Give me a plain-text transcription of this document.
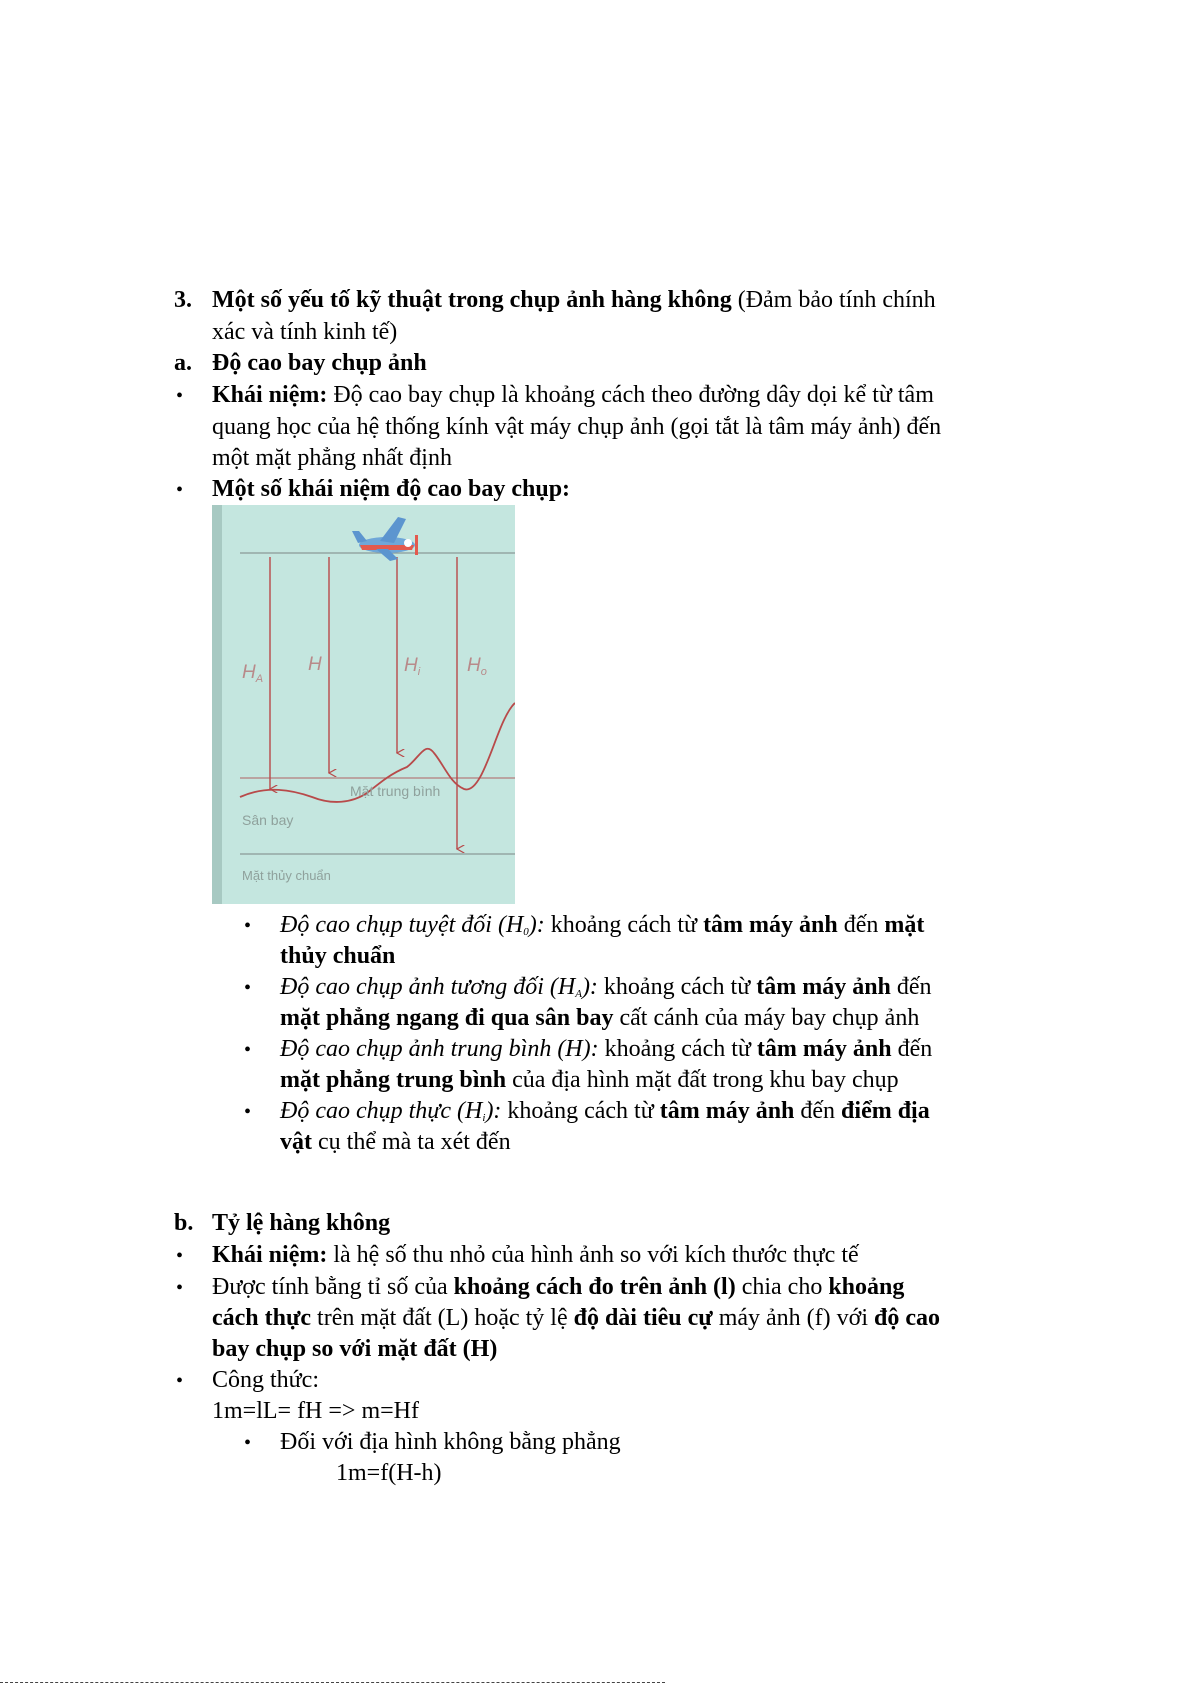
3. Một số yếu tố kỹ thuật trong chụp ảnh hàng không (Đảm bảo tính chính
xác và tính kinh tế)
a. Độ cao bay chụp ảnh
• Khái niệm: Độ cao bay chụp là khoảng cách theo đường dây dọi kể từ tâm
quang học của hệ thống kính vật máy chụp ảnh (gọi tắt là tâm máy ảnh) đến
một mặt phẳng nhất định
• Một số khái niệm độ cao bay chụp:
$H_A$
H	$H_i$ $H_o$
Mặt trung bình
Sân bay
Mặt thủy chuẩn
• Độ cao chụp tuyệt đối $(H_0)$: khoảng cách từ tâm máy ảnh đến mặt
thủy chuẩn
• Độ cao chụp ảnh tương đối $(H_A)$: khoảng cách từ tâm máy ảnh đến
mặt phẳng ngang đi qua sân bay cất cánh của máy bay chụp ảnh
• Độ cao chụp ảnh trung bình (H): khoảng cách từ tâm máy ảnh đến
mặt phẳng trung bình của địa hình mặt đất trong khu bay chụp
• Độ cao chụp thực $(H_i)$: khoảng cách từ tâm máy ảnh đến điểm địa
vật cụ thể mà ta xét đến
b. Tỷ lệ hàng không
• Khái niệm: là hệ số thu nhỏ của hình ảnh so với kích thước thực tế
• Được tính bằng tỉ số của khoảng cách đo trên ảnh (l) chia cho khoảng
cách thực trên mặt đất (L) hoặc tỷ lệ độ dài tiêu cự máy ảnh (f) với độ cao
bay chụp so với mặt đất (H)
• Công thức:
1m=lL= fH => m=Hf
• Đối với địa hình không bằng phẳng
1m=f(H-h)
